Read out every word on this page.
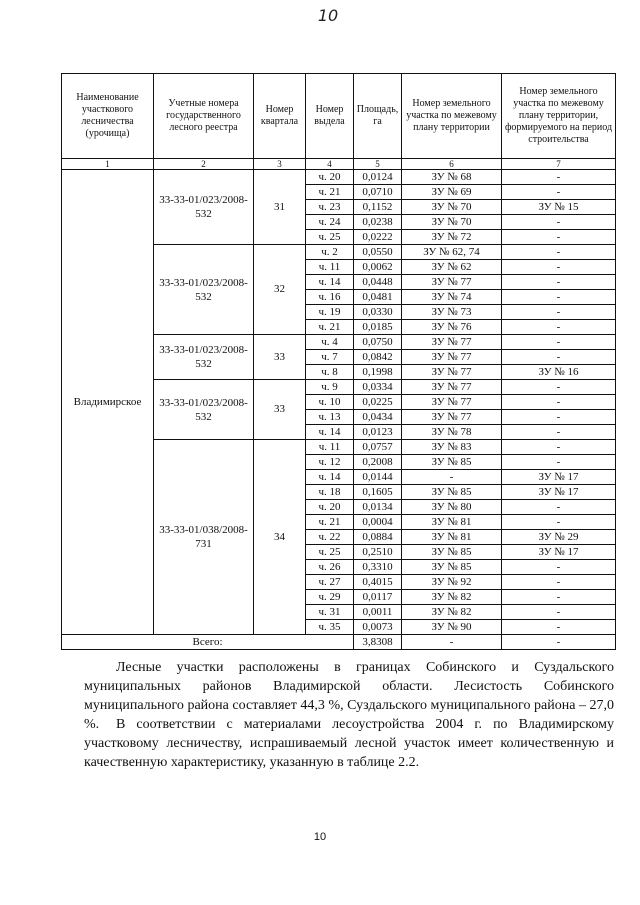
10
Наименование участкового лесничества (урочища)	Учетные номера государственного лесного реестра	Номер квартала	Номер выдела	Площадь, га	Номер земельного участка по межевому плану территории	Номер земельного участка по межевому плану территории, формируемого на период строительства
1	2	3	4	5	6	7
Владимирское	33-33-01/023/2008-532	31	ч. 20	0,0124	ЗУ № 68	-
			ч. 21	0,0710	ЗУ № 69	-
			ч. 23	0,1152	ЗУ № 70	ЗУ № 15
			ч. 24	0,0238	ЗУ № 70	-
			ч. 25	0,0222	ЗУ № 72	-
	33-33-01/023/2008-532	32	ч. 2	0,0550	ЗУ № 62, 74	-
			ч. 11	0,0062	ЗУ № 62	-
			ч. 14	0,0448	ЗУ № 77	-
			ч. 16	0,0481	ЗУ № 74	-
			ч. 19	0,0330	ЗУ № 73	-
			ч. 21	0,0185	ЗУ № 76	-
	33-33-01/023/2008-532	33	ч. 4	0,0750	ЗУ № 77	-
			ч. 7	0,0842	ЗУ № 77	-
			ч. 8	0,1998	ЗУ № 77	ЗУ № 16
	33-33-01/023/2008-532	33	ч. 9	0,0334	ЗУ № 77	-
			ч. 10	0,0225	ЗУ № 77	-
			ч. 13	0,0434	ЗУ № 77	-
			ч. 14	0,0123	ЗУ № 78	-
	33-33-01/038/2008-731	34	ч. 11	0,0757	ЗУ № 83	-
			ч. 12	0,2008	ЗУ № 85	-
			ч. 14	0,0144	-	ЗУ № 17
			ч. 18	0,1605	ЗУ № 85	ЗУ № 17
			ч. 20	0,0134	ЗУ № 80	-
			ч. 21	0,0004	ЗУ № 81	-
			ч. 22	0,0884	ЗУ № 81	ЗУ № 29
			ч. 25	0,2510	ЗУ № 85	ЗУ № 17
			ч. 26	0,3310	ЗУ № 85	-
			ч. 27	0,4015	ЗУ № 92	-
			ч. 29	0,0117	ЗУ № 82	-
			ч. 31	0,0011	ЗУ № 82	-
			ч. 35	0,0073	ЗУ № 90	-
Всего:				3,8308	-	-

Лесные участки расположены в границах Собинского и Суздальского муниципальных районов Владимирской области. Лесистость Собинского муниципального района составляет 44,3 %, Суздальского муниципального района – 27,0 %.	В соответствии с материалами лесоустройства 2004 г. по Владимирскому участковому лесничеству, испрашиваемый лесной участок имеет количественную и качественную характеристику, указанную в таблице 2.2.

10
